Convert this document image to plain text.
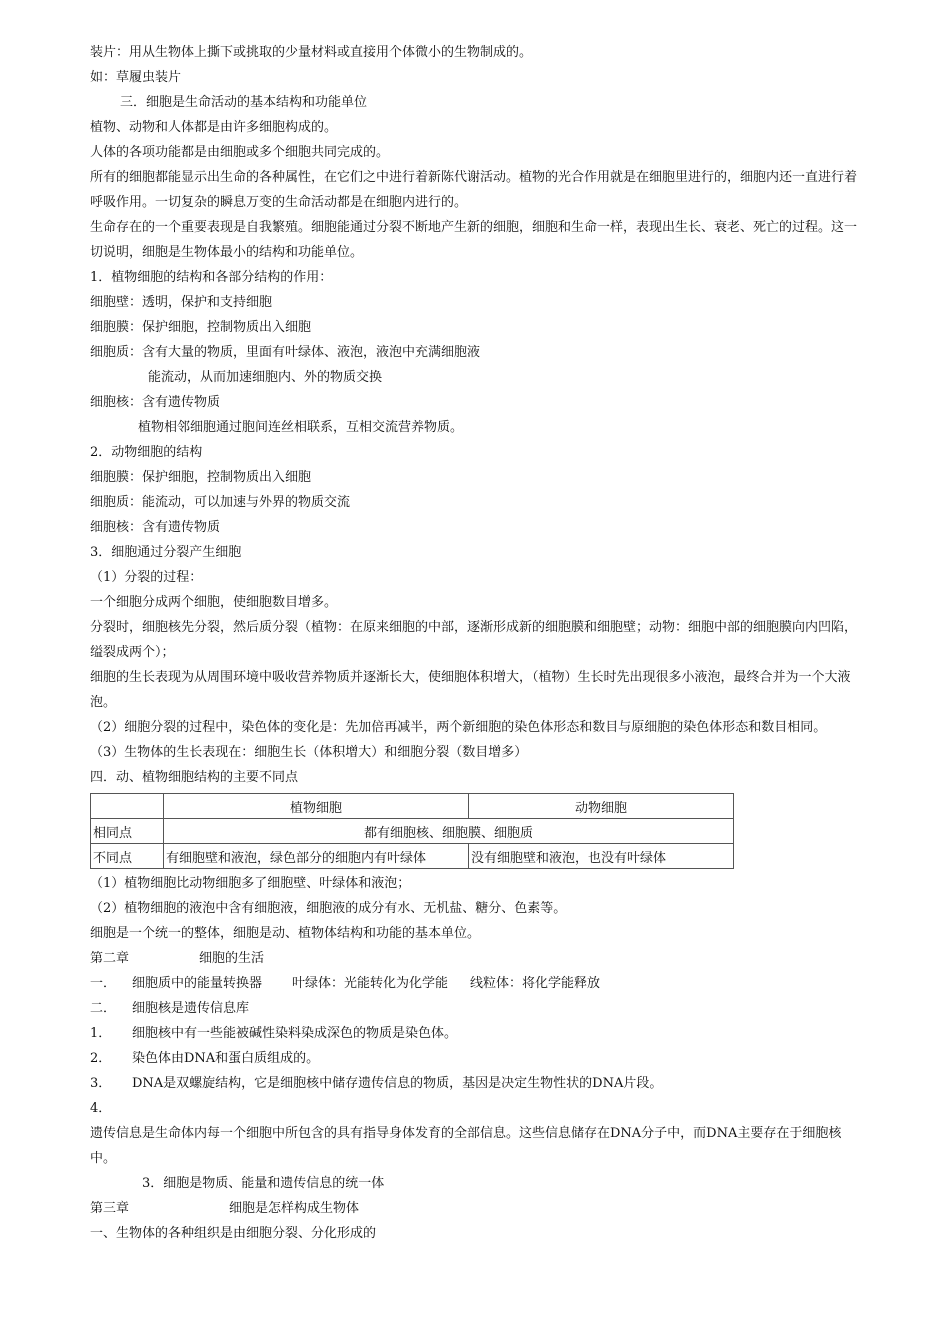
装片：用从生物体上撕下或挑取的少量材料或直接用个体微小的生物制成的。
如：草履虫装片
三．细胞是生命活动的基本结构和功能单位
植物、动物和人体都是由许多细胞构成的。
人体的各项功能都是由细胞或多个细胞共同完成的。
所有的细胞都能显示出生命的各种属性，在它们之中进行着新陈代谢活动。植物的光合作用就是在细胞里进行的，细胞内还一直进行着呼吸作用。一切复杂的瞬息万变的生命活动都是在细胞内进行的。
生命存在的一个重要表现是自我繁殖。细胞能通过分裂不断地产生新的细胞，细胞和生命一样，表现出生长、衰老、死亡的过程。这一切说明，细胞是生物体最小的结构和功能单位。
1．植物细胞的结构和各部分结构的作用：
细胞壁：透明，保护和支持细胞
细胞膜：保护细胞，控制物质出入细胞
细胞质：含有大量的物质，里面有叶绿体、液泡，液泡中充满细胞液
能流动，从而加速细胞内、外的物质交换
细胞核：含有遗传物质
植物相邻细胞通过胞间连丝相联系，互相交流营养物质。
2．动物细胞的结构
细胞膜：保护细胞，控制物质出入细胞
细胞质：能流动，可以加速与外界的物质交流
细胞核：含有遗传物质
3．细胞通过分裂产生细胞
（1）分裂的过程：
一个细胞分成两个细胞，使细胞数目增多。
分裂时，细胞核先分裂，然后质分裂（植物：在原来细胞的中部，逐渐形成新的细胞膜和细胞壁；动物：细胞中部的细胞膜向内凹陷，缢裂成两个）；
细胞的生长表现为从周围环境中吸收营养物质并逐渐长大，使细胞体积增大，（植物）生长时先出现很多小液泡，最终合并为一个大液泡。
（2）细胞分裂的过程中，染色体的变化是：先加倍再减半，两个新细胞的染色体形态和数目与原细胞的染色体形态和数目相同。
（3）生物体的生长表现在：细胞生长（体积增大）和细胞分裂（数目增多）
四．动、植物细胞结构的主要不同点
	植物细胞	动物细胞
相同点	都有细胞核、细胞膜、细胞质	
不同点	有细胞壁和液泡，绿色部分的细胞内有叶绿体	没有细胞壁和液泡，也没有叶绿体
（1）植物细胞比动物细胞多了细胞壁、叶绿体和液泡；
（2）植物细胞的液泡中含有细胞液，细胞液的成分有水、无机盐、糖分、色素等。
细胞是一个统一的整体，细胞是动、植物体结构和功能的基本单位。
第二章	细胞的生活
一． 细胞质中的能量转换器 叶绿体：光能转化为化学能 线粒体：将化学能释放
二． 细胞核是遗传信息库
1． 细胞核中有一些能被碱性染料染成深色的物质是染色体。
2． 染色体由DNA和蛋白质组成的。
3． DNA是双螺旋结构，它是细胞核中储存遗传信息的物质，基因是决定生物性状的DNA片段。
4．
遗传信息是生命体内每一个细胞中所包含的具有指导身体发育的全部信息。这些信息储存在DNA分子中，而DNA主要存在于细胞核中。
3．细胞是物质、能量和遗传信息的统一体
第三章	细胞是怎样构成生物体
一、生物体的各种组织是由细胞分裂、分化形成的
